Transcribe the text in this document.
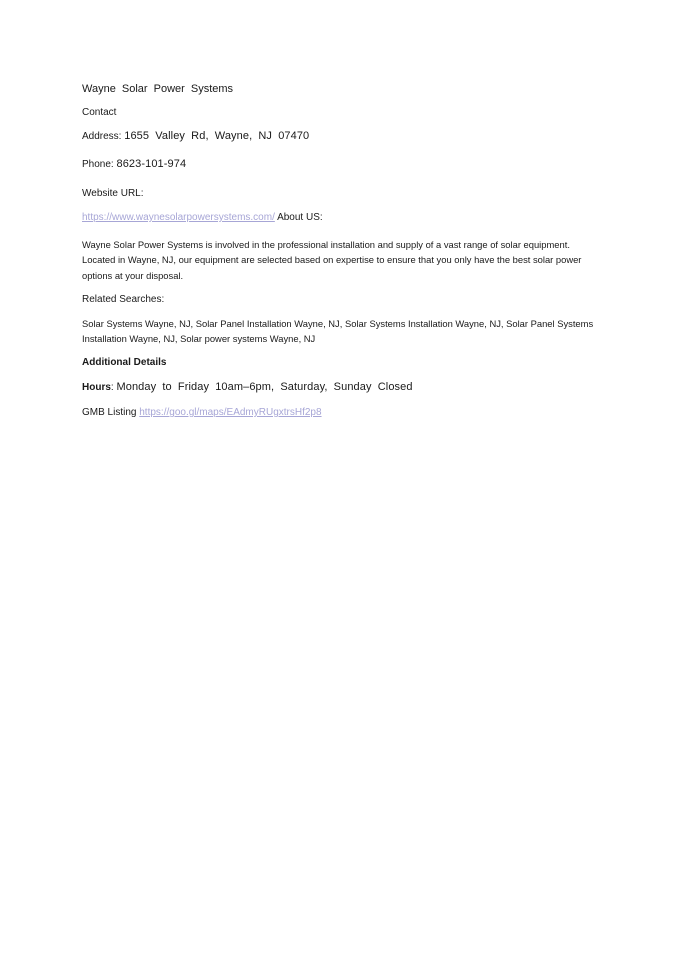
Wayne Solar Power Systems
Contact
Address: 1655 Valley Rd, Wayne, NJ 07470
Phone: 8623-101-974
Website URL:
https://www.waynesolarpowersystems.com/ About US:
Wayne Solar Power Systems is involved in the professional installation and supply of a vast range of solar equipment. Located in Wayne, NJ, our equipment are selected based on expertise to ensure that you only have the best solar power options at your disposal.
Related Searches:
Solar Systems Wayne, NJ, Solar Panel Installation Wayne, NJ, Solar Systems Installation Wayne, NJ, Solar Panel Systems Installation Wayne, NJ, Solar power systems Wayne, NJ
Additional Details
Hours: Monday to Friday 10am–6pm, Saturday, Sunday Closed
GMB Listing https://goo.gl/maps/EAdmyRUgxtrsHf2p8
